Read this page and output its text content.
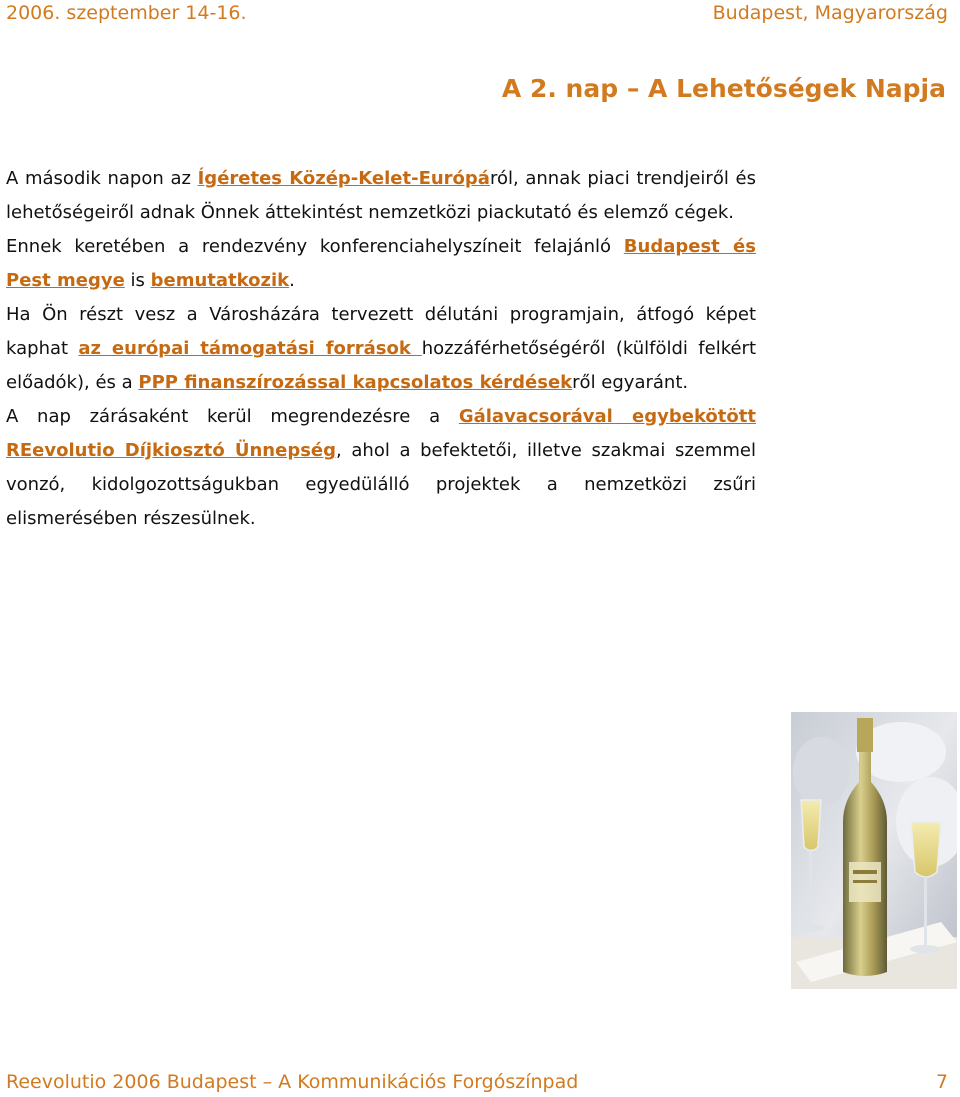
2006. szeptember 14-16.	Budapest, Magyarország
A 2. nap – A Lehetőségek Napja

A második napon az Ígéretes Közép-Kelet-Európáról, annak piaci trendjeiről és lehetőségeiről adnak Önnek áttekintést nemzetközi piackutató és elemző cégek.

Ennek keretében a rendezvény konferenciahelyszíneit felajánló Budapest és Pest megye is bemutatkozik.

Ha Ön részt vesz a Városházára tervezett délutáni programjain, átfogó képet kaphat az európai támogatási források hozzáférhetőségéről (külföldi felkért előadók), és a PPP finanszírozással kapcsolatos kérdésekről egyaránt.

A nap zárásaként kerül megrendezésre a Gálavacsorával egybekötött REevolutio Díjkiosztó Ünnepség, ahol a befektetői, illetve szakmai szemmel vonzó, kidolgozottságukban egyedülálló projektek a nemzetközi zsűri elismerésében részesülnek.

Reevolutio 2006 Budapest – A Kommunikációs Forgószínpad	7
